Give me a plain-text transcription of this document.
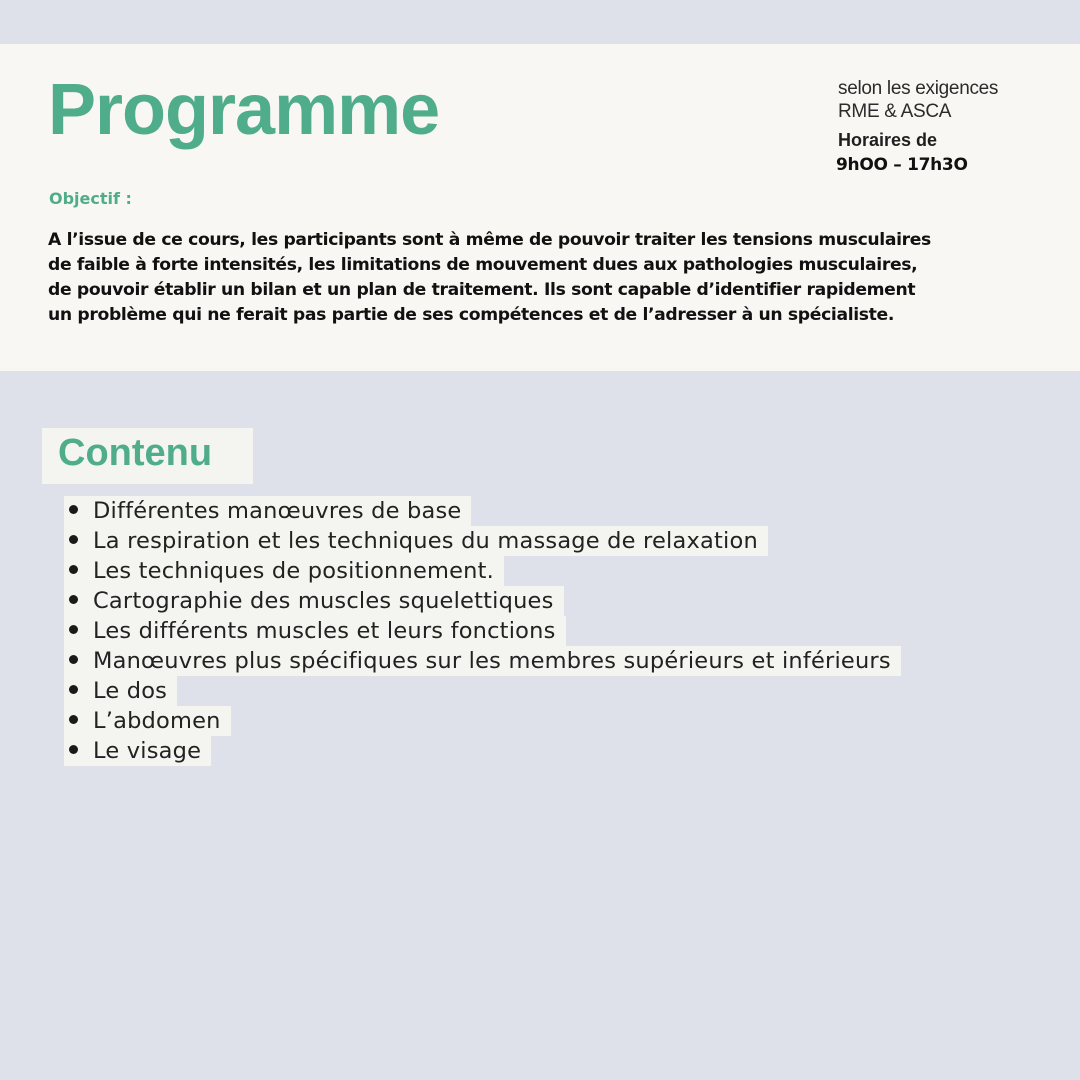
Programme	selon les exigences
RME & ASCA
Horaires de
9hOO – 17h3O
Objectif :
A l’issue de ce cours, les participants sont à même de pouvoir traiter les tensions musculaires
de faible à forte intensités, les limitations de mouvement dues aux pathologies musculaires,
de pouvoir établir un bilan et un plan de traitement. Ils sont capable d’identifier rapidement
un problème qui ne ferait pas partie de ses compétences et de l’adresser à un spécialiste.
Contenu
Différentes manœuvres de base
La respiration et les techniques du massage de relaxation
Les techniques de positionnement.
Cartographie des muscles squelettiques
Les différents muscles et leurs fonctions
Manœuvres plus spécifiques sur les membres supérieurs et inférieurs
Le dos
L’abdomen
Le visage
